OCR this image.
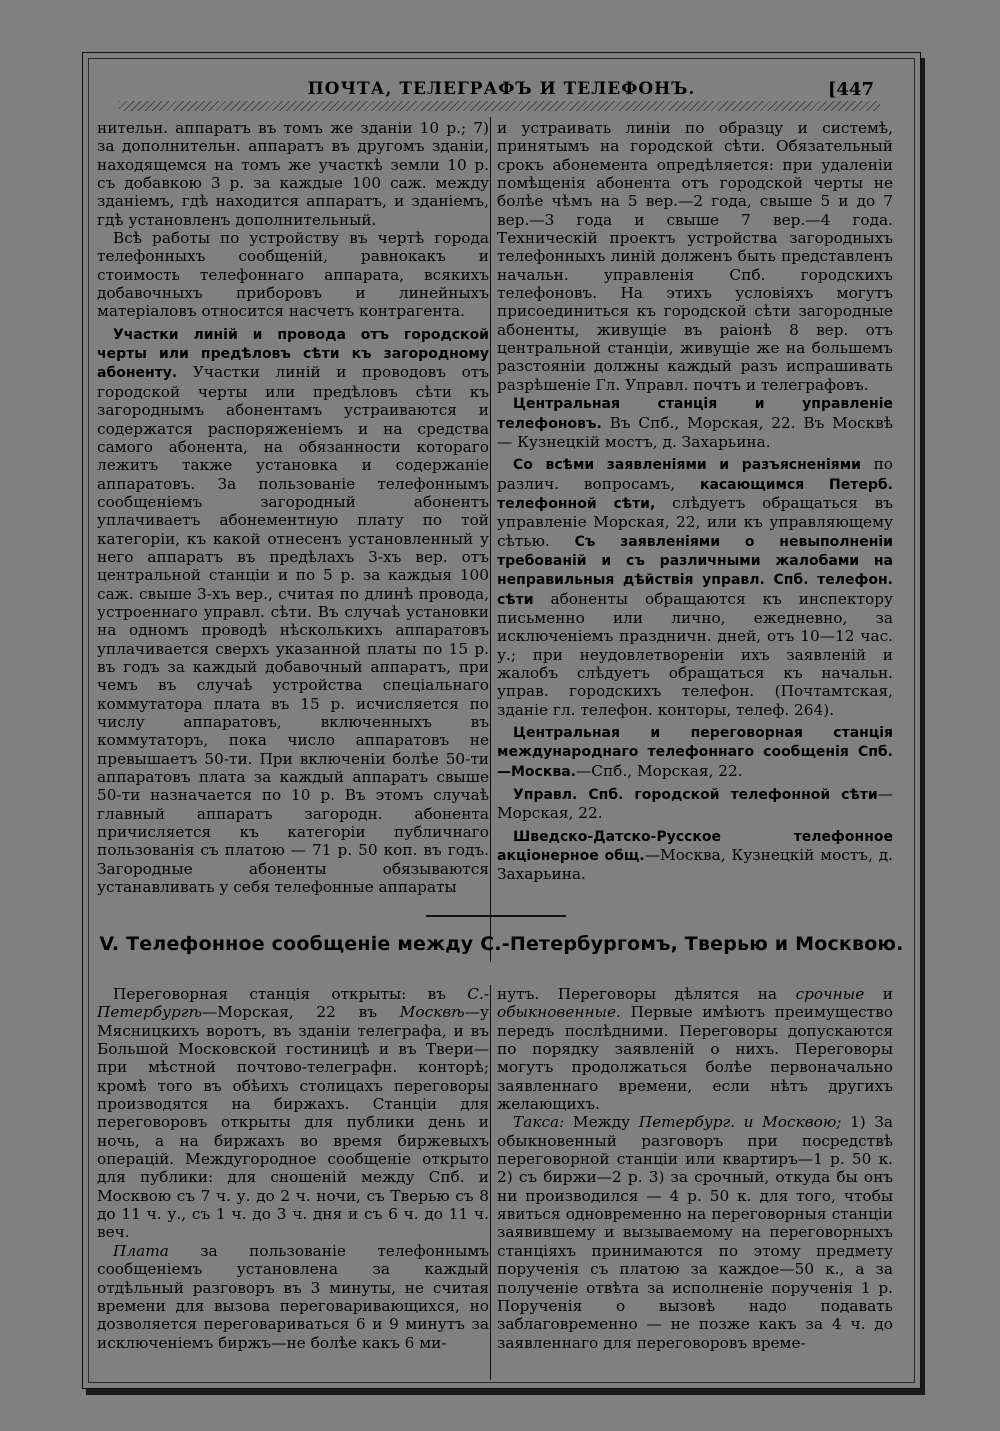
ПОЧТА, ТЕЛЕГРАФЪ И ТЕЛЕФОНЪ.	[447

нительн. аппаратъ въ томъ же зданіи 10 р.; 7) за дополнительн. аппаратъ въ другомъ зданіи, находящемся на томъ же участкѣ земли 10 р. съ добавкою 3 р. за каждые 100 саж. между зданіемъ, гдѣ находится аппаратъ, и зданіемъ, гдѣ установленъ дополнительный.

Всѣ работы по устройству въ чертѣ города телефонныхъ сообщеній, равнокакъ и стоимость телефоннаго аппарата, всякихъ добавочныхъ приборовъ и линейныхъ матеріаловъ относится насчетъ контрагента.

Участки линій и провода отъ городской черты или предѣловъ сѣти къ загородному абоненту. Участки линій и проводовъ отъ городской черты или предѣловъ сѣти къ загороднымъ абонентамъ устраиваются и содержатся распоряженіемъ и на средства самого абонента, на обязанности котораго лежитъ также установка и содержаніе аппаратовъ. За пользованіе телефоннымъ сообщеніемъ загородный абонентъ уплачиваетъ абонементную плату по той категоріи, къ какой отнесенъ установленный у него аппаратъ въ предѣлахъ 3-хъ вер. отъ центральной станціи и по 5 р. за каждыя 100 саж. свыше 3-хъ вер., считая по длинѣ провода, устроеннаго управл. сѣти. Въ случаѣ установки на одномъ проводѣ нѣсколькихъ аппаратовъ уплачивается сверхъ указанной платы по 15 р. въ годъ за каждый добавочный аппаратъ, при чемъ въ случаѣ устройства спеціальнаго коммутатора плата въ 15 р. исчисляется по числу аппаратовъ, включенныхъ въ коммутаторъ, пока число аппаратовъ не превышаетъ 50-ти. При включеніи болѣе 50-ти аппаратовъ плата за каждый аппаратъ свыше 50-ти назначается по 10 р. Въ этомъ случаѣ главный аппаратъ загородн. абонента причисляется къ категоріи публичнаго пользованія съ платою — 71 р. 50 коп. въ годъ. Загородные абоненты обязываются устанавливать у себя телефонные аппараты

и устраивать линіи по образцу и системѣ, принятымъ на городской сѣти. Обязательный срокъ абонемента опредѣляется: при удаленіи помѣщенія абонента отъ городской черты не болѣе чѣмъ на 5 вер.—2 года, свыше 5 и до 7 вер.—3 года и свыше 7 вер.—4 года. Техническій проектъ устройства загородныхъ телефонныхъ линій долженъ быть представленъ начальн. управленія Спб. городскихъ телефоновъ. На этихъ условіяхъ могутъ присоединиться къ городской сѣти загородные абоненты, живущіе въ раіонѣ 8 вер. отъ центральной станціи, живущіе же на большемъ разстояніи должны каждый разъ испрашивать разрѣшеніе Гл. Управл. почтъ и телеграфовъ.

Центральная станція и управленіе телефоновъ. Въ Спб., Морская, 22. Въ Москвѣ — Кузнецкій мостъ, д. Захарьина.

Со всѣми заявленіями и разъясненіями по различ. вопросамъ, касающимся Петерб. телефонной сѣти, слѣдуетъ обращаться въ управленіе Морская, 22, или къ управляющему сѣтью. Съ заявленіями о невыполненіи требованій и съ различными жалобами на неправильныя дѣйствія управл. Спб. телефон. сѣти абоненты обращаются къ инспектору письменно или лично, ежедневно, за исключеніемъ праздничн. дней, отъ 10—12 час. у.; при неудовлетвореніи ихъ заявленій и жалобъ слѣдуетъ обращаться къ начальн. управ. городскихъ телефон. (Почтамтская, зданіе гл. телефон. конторы, телеф. 264).

Центральная и переговорная станція международнаго телефоннаго сообщенія Спб.—Москва.—Спб., Морская, 22.

Управл. Спб. городской телефонной сѣти—Морская, 22.

Шведско-Датско-Русское телефонное акціонерное общ.—Москва, Кузнецкій мостъ, д. Захарьина.

V. Телефонное сообщеніе между С.-Петербургомъ, Тверью и Москвою.

Переговорная станція открыты: въ С.-Петербургѣ—Морская, 22 въ Москвѣ—у Мясницкихъ воротъ, въ зданіи телеграфа, и въ Большой Московской гостиницѣ и въ Твери—при мѣстной почтово-телеграфн. конторѣ; кромѣ того въ обѣихъ столицахъ переговоры производятся на биржахъ. Станціи для переговоровъ открыты для публики день и ночь, а на биржахъ во время биржевыхъ операцій. Междугородное сообщеніе открыто для публики: для сношеній между Спб. и Москвою съ 7 ч. у. до 2 ч. ночи, съ Тверью съ 8 до 11 ч. у., съ 1 ч. до 3 ч. дня и съ 6 ч. до 11 ч. веч.

Плата за пользованіе телефоннымъ сообщеніемъ установлена за каждый отдѣльный разговоръ въ 3 минуты, не считая времени для вызова переговаривающихся, но дозволяется переговариваться 6 и 9 минутъ за исключеніемъ биржъ—не болѣе какъ 6 ми-

нутъ. Переговоры дѣлятся на срочные и обыкновенные. Первые имѣютъ преимущество передъ послѣдними. Переговоры допускаются по порядку заявленій о нихъ. Переговоры могутъ продолжаться болѣе первоначально заявленнаго времени, если нѣтъ другихъ желающихъ.

Такса: Между Петербург. и Москвою; 1) За обыкновенный разговоръ при посредствѣ переговорной станціи или квартиръ—1 р. 50 к. 2) съ биржи—2 р. 3) за срочный, откуда бы онъ ни производился — 4 р. 50 к. для того, чтобы явиться одновременно на переговорныя станціи заявившему и вызываемому на переговорныхъ станціяхъ принимаются по этому предмету порученія съ платою за каждое—50 к., а за полученіе отвѣта за исполненіе порученія 1 р. Порученія о вызовѣ надо подавать заблаговременно — не позже какъ за 4 ч. до заявленнаго для переговоровъ време-
